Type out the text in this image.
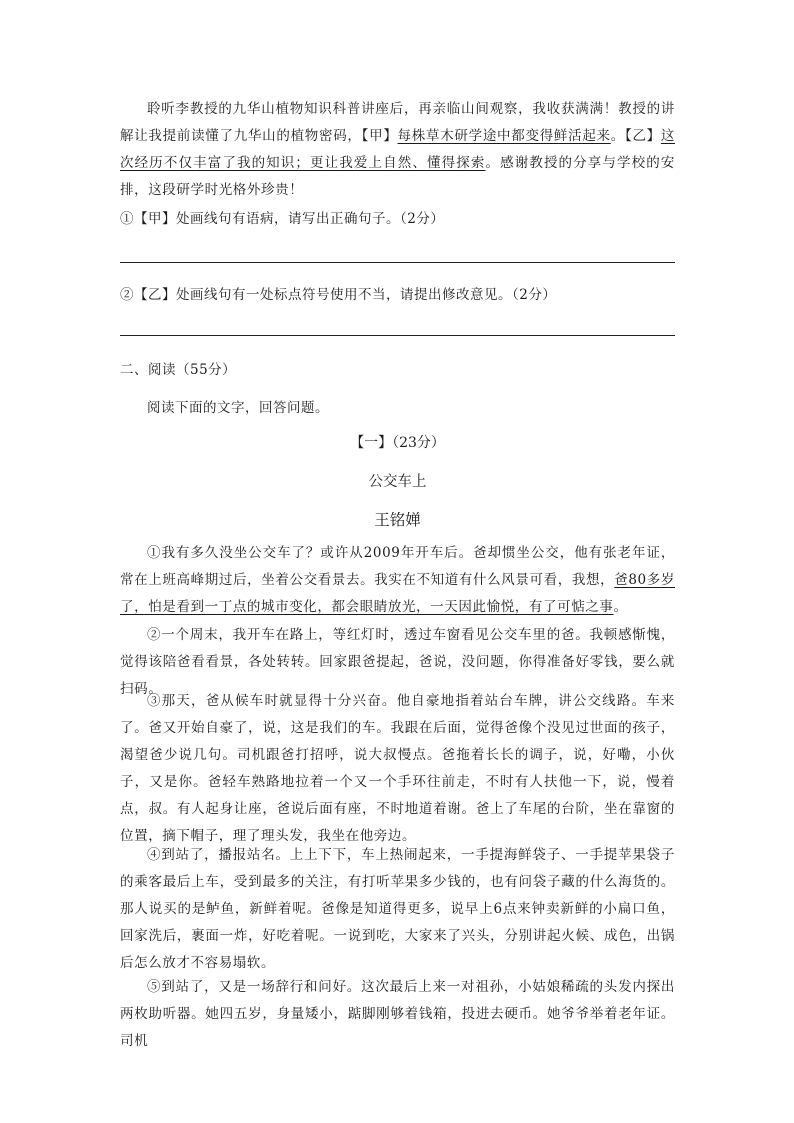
聆听李教授的九华山植物知识科普讲座后，再亲临山间观察，我收获满满！教授的讲解让我提前读懂了九华山的植物密码，【甲】每株草木研学途中都变得鲜活起来。【乙】这次经历不仅丰富了我的知识；更让我爱上自然、懂得探索。感谢教授的分享与学校的安排，这段研学时光格外珍贵！

①【甲】处画线句有语病，请写出正确句子。（2分）

②【乙】处画线句有一处标点符号使用不当，请提出修改意见。（2分）

二、阅读（55分）

阅读下面的文字，回答问题。

【一】（23分）

公交车上

王铭婵

①我有多久没坐公交车了？或许从2009年开车后。爸却惯坐公交，他有张老年证，常在上班高峰期过后，坐着公交看景去。我实在不知道有什么风景可看，我想，爸80多岁了，怕是看到一丁点的城市变化，都会眼睛放光，一天因此愉悦，有了可惦之事。

②一个周末，我开车在路上，等红灯时，透过车窗看见公交车里的爸。我顿感惭愧，觉得该陪爸看看景，各处转转。回家跟爸提起，爸说，没问题，你得准备好零钱，要么就扫码。

③那天，爸从候车时就显得十分兴奋。他自豪地指着站台车牌，讲公交线路。车来了。爸又开始自豪了，说，这是我们的车。我跟在后面，觉得爸像个没见过世面的孩子，渴望爸少说几句。司机跟爸打招呼，说大叔慢点。爸拖着长长的调子，说，好嘞，小伙子，又是你。爸轻车熟路地拉着一个又一个手环往前走，不时有人扶他一下，说，慢着点，叔。有人起身让座，爸说后面有座，不时地道着谢。爸上了车尾的台阶，坐在靠窗的位置，摘下帽子，理了理头发，我坐在他旁边。

④到站了，播报站名。上上下下，车上热闹起来，一手提海鲜袋子、一手提苹果袋子的乘客最后上车，受到最多的关注，有打听苹果多少钱的，也有问袋子藏的什么海货的。那人说买的是鲈鱼，新鲜着呢。爸像是知道得更多，说早上6点来钟卖新鲜的小扁口鱼，回家洗后，裹面一炸，好吃着呢。一说到吃，大家来了兴头，分别讲起火候、成色，出锅后怎么放才不容易塌软。

⑤到站了，又是一场辞行和问好。这次最后上来一对祖孙，小姑娘稀疏的头发内探出两枚助听器。她四五岁，身量矮小，踮脚刚够着钱箱，投进去硬币。她爷爷举着老年证。司机
